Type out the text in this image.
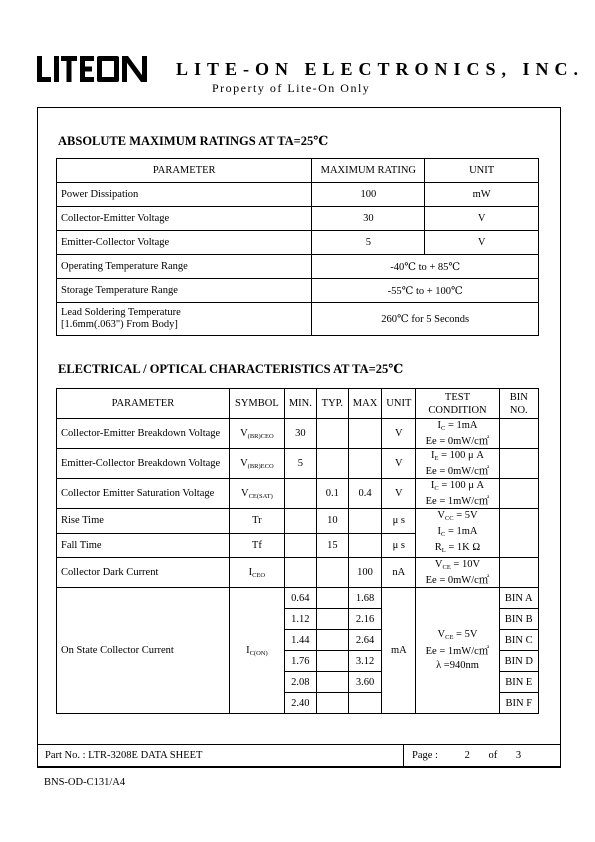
LITE-ON ELECTRONICS, INC.
Property of Lite-On Only
ABSOLUTE MAXIMUM RATINGS AT TA=25℃
PARAMETER	MAXIMUM RATING	UNIT
Power Dissipation	100	mW
Collector-Emitter Voltage	30	V
Emitter-Collector Voltage	5	V
Operating Temperature Range	-40℃ to + 85℃	
Storage Temperature Range	-55℃ to + 100℃	
Lead Soldering Temperature
[1.6mm(.063") From Body]	260℃ for 5 Seconds	
ELECTRICAL / OPTICAL CHARACTERISTICS AT TA=25℃
PARAMETER	SYMBOL	MIN.	TYP.	MAX	UNIT	TEST
CONDITION	BIN
NO.
Collector-Emitter Breakdown Voltage	$V_{(BR)CEO}$	30			V	$I_C = 1mA$
Ee = 0mW/c㎡	
Emitter-Collector Breakdown Voltage	$V_{(BR)ECO}$	5			V	$I_E = 100$ μ A
Ee = 0mW/c㎡	
Collector Emitter Saturation Voltage	$V_{CE(SAT)}$		0.1	0.4	V	$I_C = 100$ μ A
Ee = 1mW/c㎡	
Rise Time	Tr		10		μ s	$V_{CC} = 5V$
$I_C = 1mA$
$R_L = 1K$ Ω	
Fall Time	Tf		15		μ s		
Collector Dark Current	$I_{CEO}$			100	nA	$V_{CE} = 10V$
Ee = 0mW/c㎡	
On State Collector Current	$I_{C(ON)}$	0.64		1.68	mA	$V_{CE} = 5V$
Ee = 1mW/c㎡
λ =940nm	BIN A
		1.12		2.16			BIN B
		1.44		2.64			BIN C
		1.76		3.12			BIN D
		2.08		3.60			BIN E
		2.40					BIN F
Part No. : LTR-3208E DATA SHEET	Page :	2 of 3
BNS-OD-C131/A4
